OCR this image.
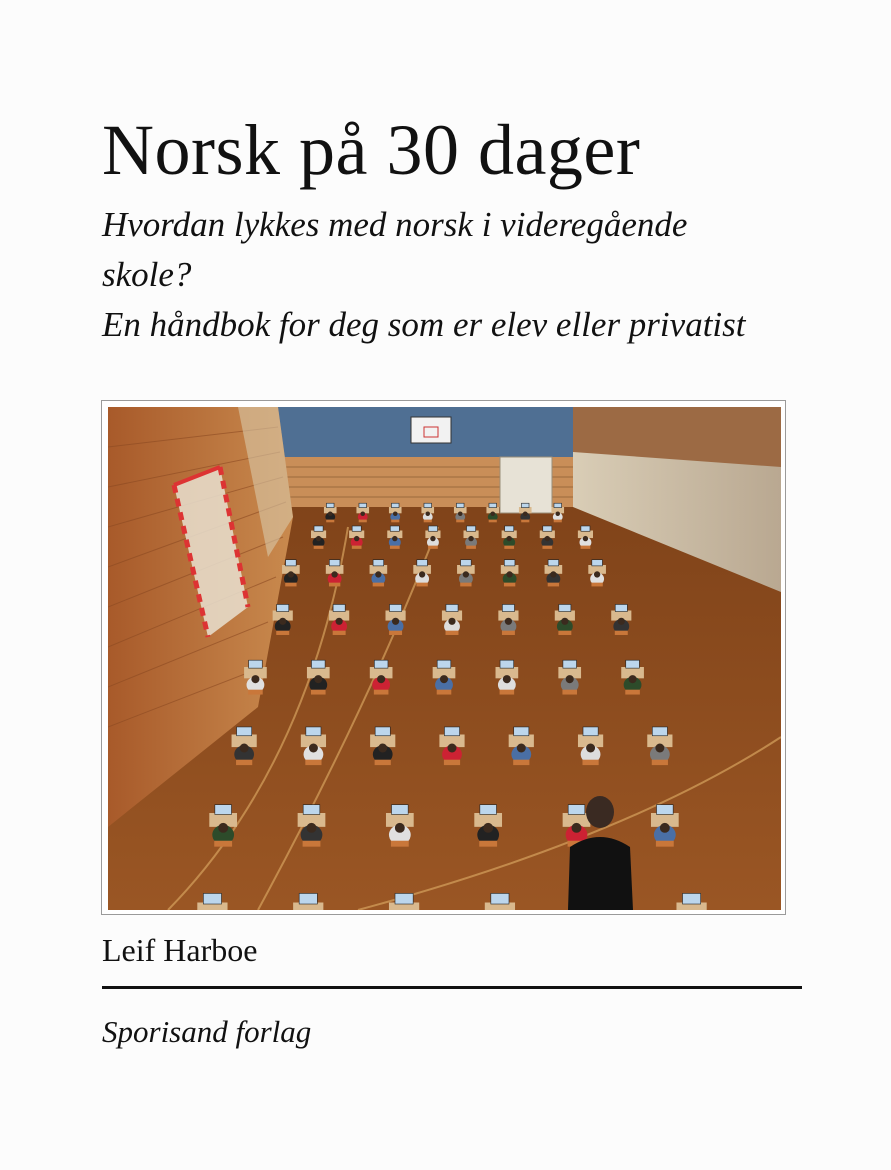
Norsk på 30 dager
Hvordan lykkes med norsk i videregående
skole?
En håndbok for deg som er elev eller privatist
Leif Harboe
Sporisand forlag
